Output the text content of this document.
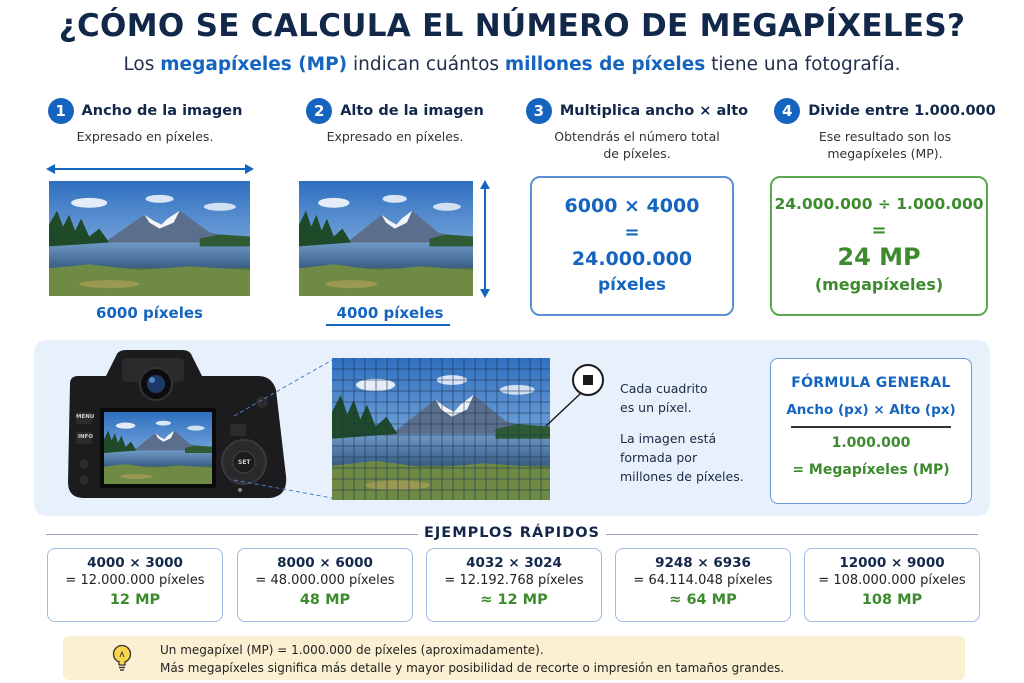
¿CÓMO SE CALCULA EL NÚMERO DE MEGAPÍXELES?
Los megapíxeles (MP) indican cuántos millones de píxeles tiene una fotografía.
1	Ancho de la imagen
Expresado en píxeles.
2	Alto de la imagen
Expresado en píxeles.
3	Multiplica ancho × alto
Obtendrás el número total de píxeles.
4	Divide entre 1.000.000
Ese resultado son los megapíxeles (MP).
6000 píxeles	4000 píxeles
6000 × 4000
=
24.000.000
píxeles
24.000.000 ÷ 1.000.000
=
24 MP
(megapíxeles)
MENU
INFO
SET
Cada cuadrito
es un píxel.
La imagen está
formada por
millones de píxeles.
FÓRMULA GENERAL
Ancho (px) × Alto (px)
1.000.000
= Megapíxeles (MP)
EJEMPLOS RÁPIDOS
4000 × 3000
= 12.000.000 píxeles
12 MP
8000 × 6000
= 48.000.000 píxeles
48 MP
4032 × 3024
= 12.192.768 píxeles
≈ 12 MP
9248 × 6936
= 64.114.048 píxeles
≈ 64 MP
12000 × 9000
= 108.000.000 píxeles
108 MP
Un megapíxel (MP) = 1.000.000 de píxeles (aproximadamente).
Más megapíxeles significa más detalle y mayor posibilidad de recorte o impresión en tamaños grandes.
